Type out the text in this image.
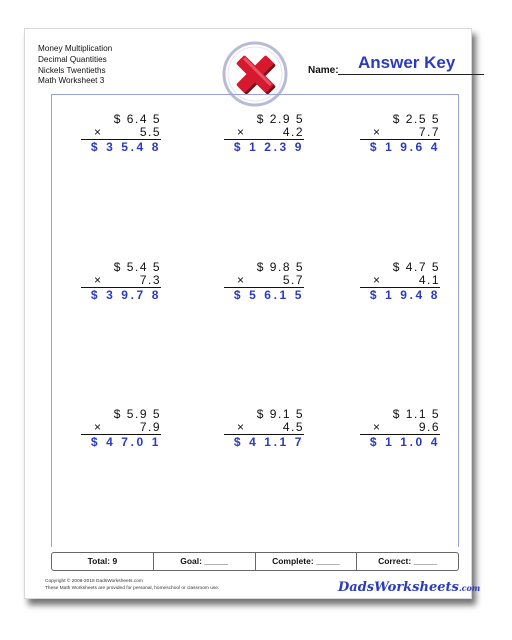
Money Multiplication
Decimal Quantities
Nickels Twentieths
Math Worksheet 3
Name: Answer Key
$ 6.4 5
×	5.5
$ 3 5.4 8
$ 2.9 5
×	4.2
$ 1 2.3 9
$ 2.5 5
×	7.7
$ 1 9.6 4
$ 5.4 5
×	7.3
$ 3 9.7 8
$ 9.8 5
×	5.7
$ 5 6.1 5
$ 4.7 5
×	4.1
$ 1 9.4 8
$ 5.9 5
×	7.9
$ 4 7.0 1
$ 9.1 5
×	4.5
$ 4 1.1 7
$ 1.1 5
×	9.6
$ 1 1.0 4
Total: 9	Goal: _____	Complete: _____	Correct: _____
Copyright © 2008-2018 DadsWorksheets.com
These Math Worksheets are provided for personal, homeschool or classroom use.	DadsWorksheets.com
